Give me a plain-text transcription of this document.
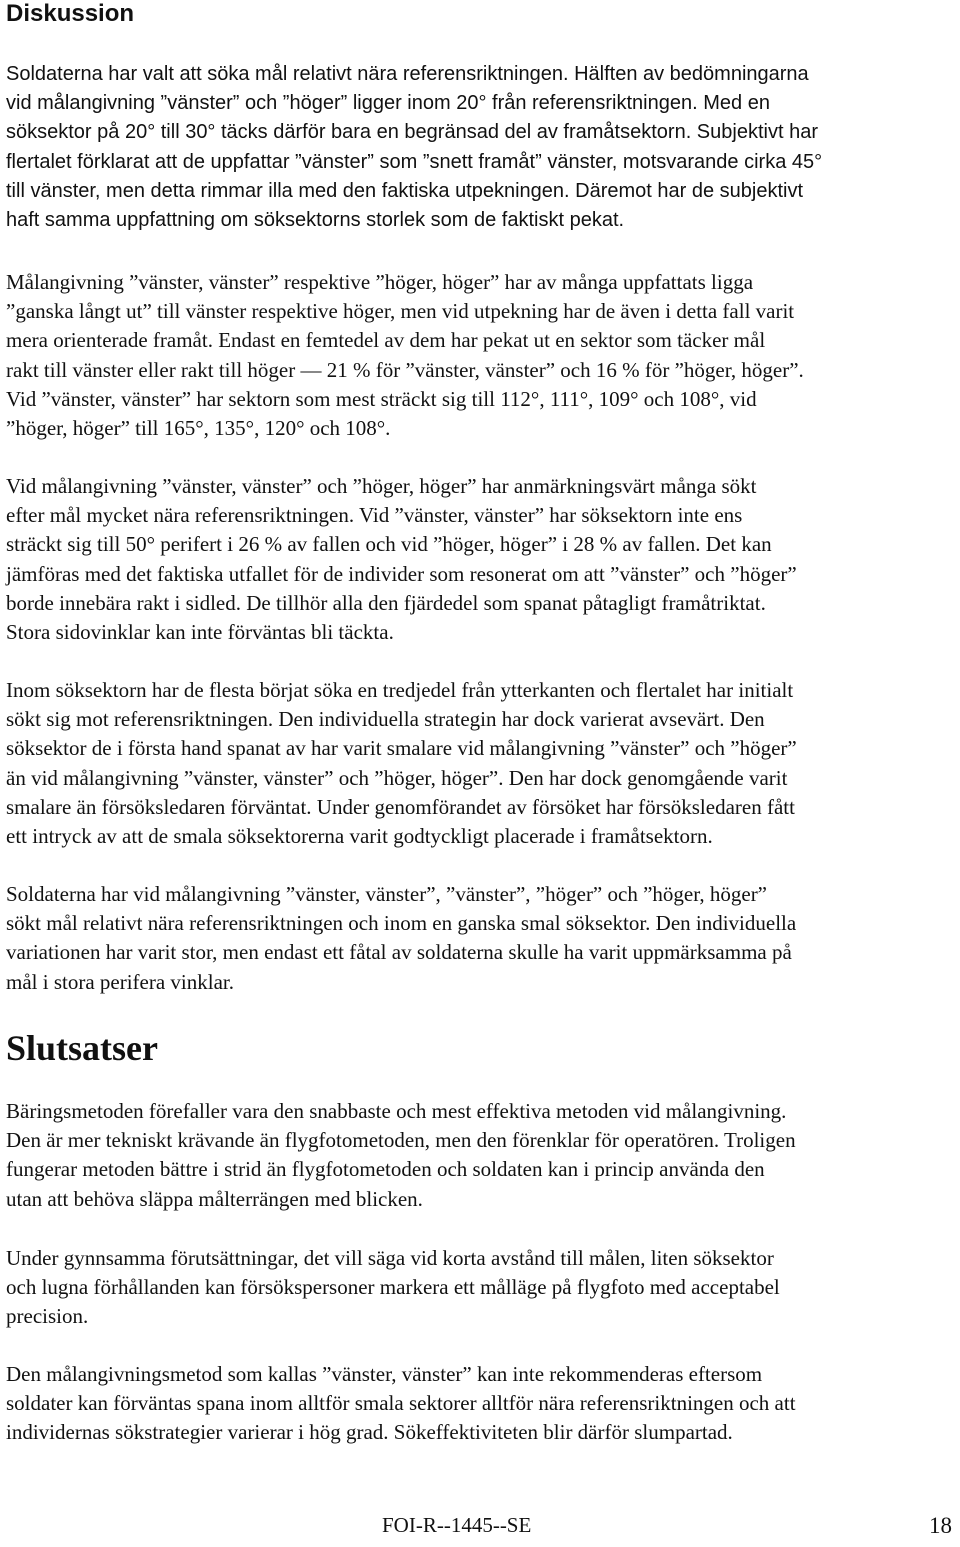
Diskussion
Soldaterna har valt att söka mål relativt nära referensriktningen. Hälften av bedömningarna
vid målangivning ”vänster” och ”höger” ligger inom 20° från referensriktningen. Med en
söksektor på 20° till 30° täcks därför bara en begränsad del av framåtsektorn. Subjektivt har
flertalet förklarat att de uppfattar ”vänster” som ”snett framåt” vänster, motsvarande cirka 45°
till vänster, men detta rimmar illa med den faktiska utpekningen. Däremot har de subjektivt
haft samma uppfattning om söksektorns storlek som de faktiskt pekat.
Målangivning ”vänster, vänster” respektive ”höger, höger” har av många uppfattats ligga
”ganska långt ut” till vänster respektive höger, men vid utpekning har de även i detta fall varit
mera orienterade framåt. Endast en femtedel av dem har pekat ut en sektor som täcker mål
rakt till vänster eller rakt till höger — 21 % för ”vänster, vänster” och 16 % för ”höger, höger”.
Vid ”vänster, vänster” har sektorn som mest sträckt sig till 112°, 111°, 109° och 108°, vid
”höger, höger” till 165°, 135°, 120° och 108°.
Vid målangivning ”vänster, vänster” och ”höger, höger” har anmärkningsvärt många sökt
efter mål mycket nära referensriktningen. Vid ”vänster, vänster” har söksektorn inte ens
sträckt sig till 50° perifert i 26 % av fallen och vid ”höger, höger” i 28 % av fallen. Det kan
jämföras med det faktiska utfallet för de individer som resonerat om att ”vänster” och ”höger”
borde innebära rakt i sidled. De tillhör alla den fjärdedel som spanat påtagligt framåtriktat.
Stora sidovinklar kan inte förväntas bli täckta.
Inom söksektorn har de flesta börjat söka en tredjedel från ytterkanten och flertalet har initialt
sökt sig mot referensriktningen. Den individuella strategin har dock varierat avsevärt. Den
söksektor de i första hand spanat av har varit smalare vid målangivning ”vänster” och ”höger”
än vid målangivning ”vänster, vänster” och ”höger, höger”. Den har dock genomgående varit
smalare än försöksledaren förväntat. Under genomförandet av försöket har försöksledaren fått
ett intryck av att de smala söksektorerna varit godtyckligt placerade i framåtsektorn.
Soldaterna har vid målangivning ”vänster, vänster”, ”vänster”, ”höger” och ”höger, höger”
sökt mål relativt nära referensriktningen och inom en ganska smal söksektor. Den individuella
variationen har varit stor, men endast ett fåtal av soldaterna skulle ha varit uppmärksamma på
mål i stora perifera vinklar.
Slutsatser
Bäringsmetoden förefaller vara den snabbaste och mest effektiva metoden vid målangivning.
Den är mer tekniskt krävande än flygfotometoden, men den förenklar för operatören. Troligen
fungerar metoden bättre i strid än flygfotometoden och soldaten kan i princip använda den
utan att behöva släppa målterrängen med blicken.
Under gynnsamma förutsättningar, det vill säga vid korta avstånd till målen, liten söksektor
och lugna förhållanden kan försökspersoner markera ett målläge på flygfoto med acceptabel
precision.
Den målangivningsmetod som kallas ”vänster, vänster” kan inte rekommenderas eftersom
soldater kan förväntas spana inom alltför smala sektorer alltför nära referensriktningen och att
individernas sökstrategier varierar i hög grad. Sökeffektiviteten blir därför slumpartad.
FOI-R--1445--SE	18
